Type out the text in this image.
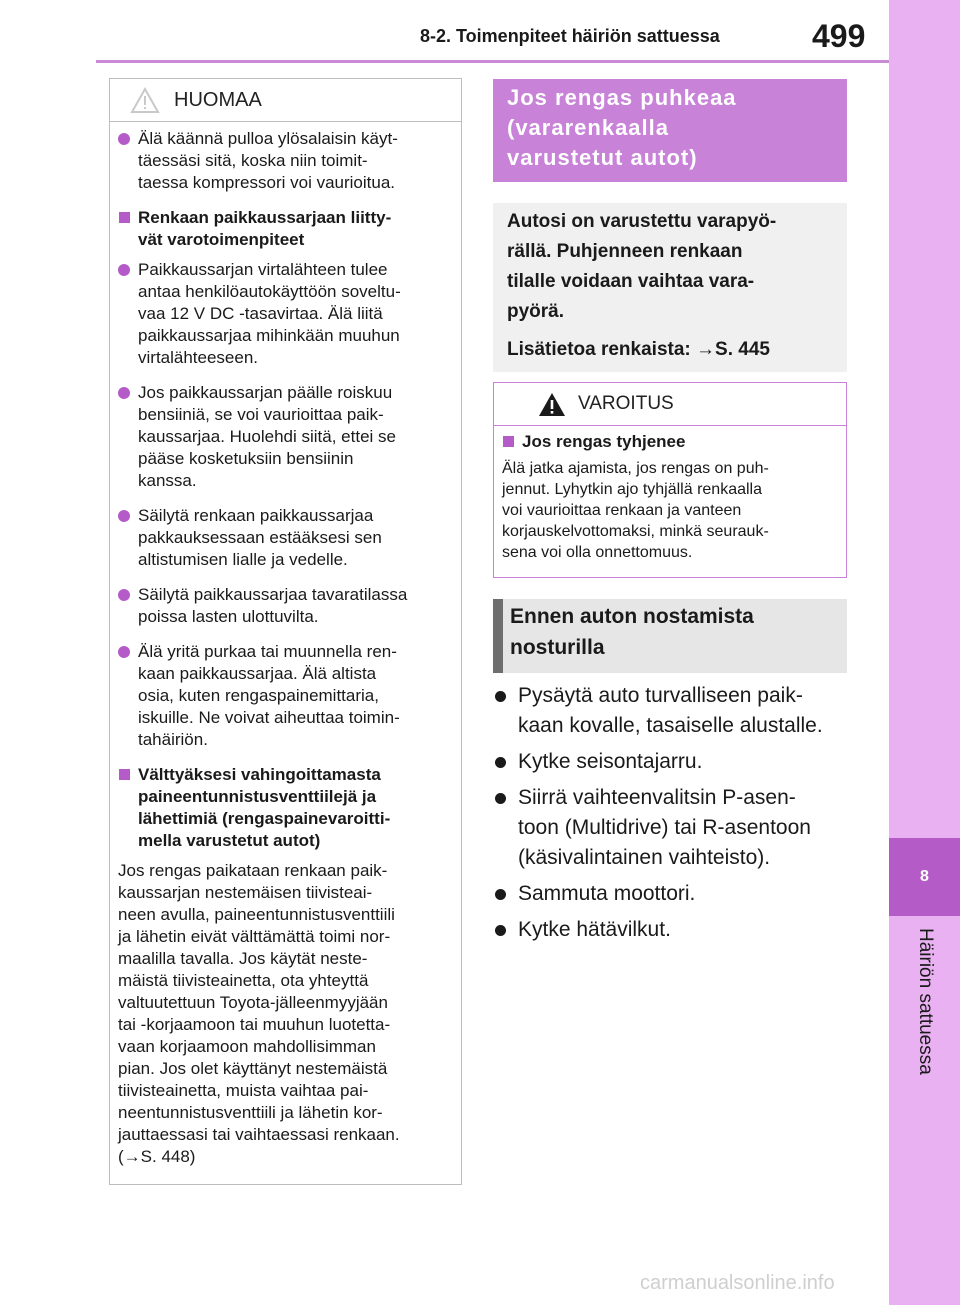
8-2. Toimenpiteet häiriön sattuessa	499
8
Häiriön sattuessa
HUOMAA
Älä käännä pulloa ylösalaisin käyt-
täessäsi sitä, koska niin toimit-
taessa kompressori voi vaurioitua.
Renkaan paikkaussarjaan liitty-
vät varotoimenpiteet
Paikkaussarjan virtalähteen tulee
antaa henkilöautokäyttöön soveltu-
vaa 12 V DC -tasavirtaa. Älä liitä
paikkaussarjaa mihinkään muuhun
virtalähteeseen.
Jos paikkaussarjan päälle roiskuu
bensiiniä, se voi vaurioittaa paik-
kaussarjaa. Huolehdi siitä, ettei se
pääse kosketuksiin bensiinin
kanssa.
Säilytä renkaan paikkaussarjaa
pakkauksessaan estääksesi sen
altistumisen lialle ja vedelle.
Säilytä paikkaussarjaa tavaratilassa
poissa lasten ulottuvilta.
Älä yritä purkaa tai muunnella ren-
kaan paikkaussarjaa. Älä altista
osia, kuten rengaspainemittaria,
iskuille. Ne voivat aiheuttaa toimin-
tahäiriön.
Välttyäksesi vahingoittamasta
paineentunnistusventtiilejä ja
lähettimiä (rengaspainevaroitti-
mella varustetut autot)
Jos rengas paikataan renkaan paik-
kaussarjan nestemäisen tiivisteai-
neen avulla, paineentunnistusventtiili
ja lähetin eivät välttämättä toimi nor-
maalilla tavalla. Jos käytät neste-
mäistä tiivisteainetta, ota yhteyttä
valtuutettuun Toyota-jälleenmyyjään
tai -korjaamoon tai muuhun luotetta-
vaan korjaamoon mahdollisimman
pian. Jos olet käyttänyt nestemäistä
tiivisteainetta, muista vaihtaa pai-
neentunnistusventtiili ja lähetin kor-
jauttaessasi tai vaihtaessasi renkaan.
(→S. 448)
Jos rengas puhkeaa
(vararenkaalla
varustetut autot)
Autosi on varustettu varapyö-
rällä. Puhjenneen renkaan
tilalle voidaan vaihtaa vara-
pyörä.
Lisätietoa renkaista: →S. 445
VAROITUS
Jos rengas tyhjenee
Älä jatka ajamista, jos rengas on puh-
jennut. Lyhytkin ajo tyhjällä renkaalla
voi vaurioittaa renkaan ja vanteen
korjauskelvottomaksi, minkä seurauk-
sena voi olla onnettomuus.
Ennen auton nostamista
nosturilla
Pysäytä auto turvalliseen paik-
kaan kovalle, tasaiselle alustalle.
Kytke seisontajarru.
Siirrä vaihteenvalitsin P-asen-
toon (Multidrive) tai R-asentoon
(käsivalintainen vaihteisto).
Sammuta moottori.
Kytke hätävilkut.
carmanualsonline.info
